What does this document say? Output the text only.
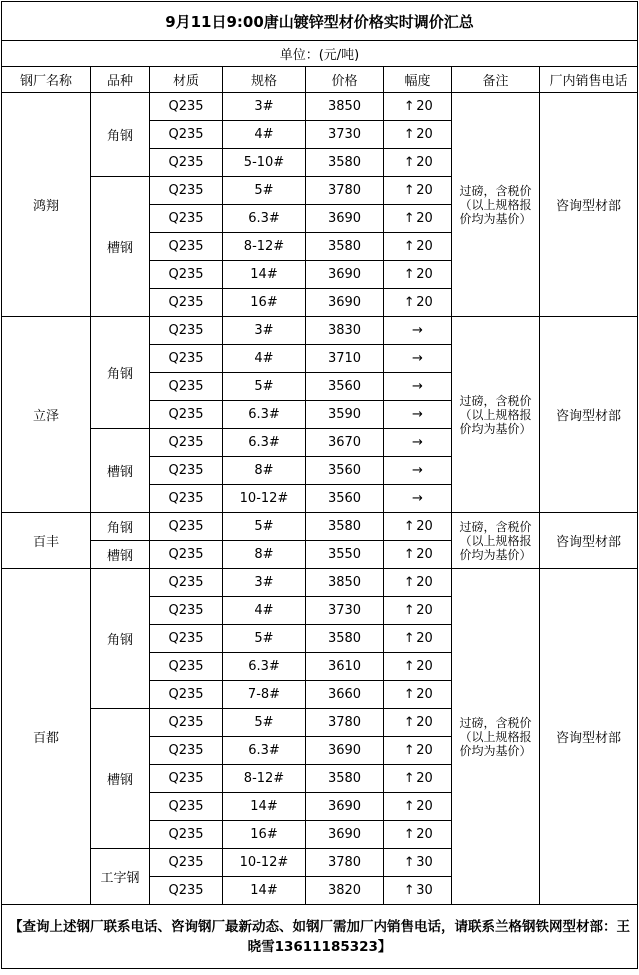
9月11日9:00唐山镀锌型材价格实时调价汇总							
单位：(元/吨)							
钢厂名称	品种	材质	规格	价格	幅度	备注	厂内销售电话
鸿翔	角钢	Q235	3#	3850	↑ 20	过磅，含税价（以上规格报价均为基价）	咨询型材部
		Q235	4#	3730	↑ 20		
		Q235	5-10#	3580	↑ 20		
	槽钢	Q235	5#	3780	↑ 20		
		Q235	6.3#	3690	↑ 20		
		Q235	8-12#	3580	↑ 20		
		Q235	14#	3690	↑ 20		
		Q235	16#	3690	↑ 20		
立泽	角钢	Q235	3#	3830	→	过磅，含税价（以上规格报价均为基价）	咨询型材部
		Q235	4#	3710	→		
		Q235	5#	3560	→		
		Q235	6.3#	3590	→		
	槽钢	Q235	6.3#	3670	→		
		Q235	8#	3560	→		
		Q235	10-12#	3560	→		
百丰	角钢	Q235	5#	3580	↑ 20	过磅，含税价（以上规格报价均为基价）	咨询型材部
	槽钢	Q235	8#	3550	↑ 20		
百都	角钢	Q235	3#	3850	↑ 20	过磅，含税价（以上规格报价均为基价）	咨询型材部
		Q235	4#	3730	↑ 20		
		Q235	5#	3580	↑ 20		
		Q235	6.3#	3610	↑ 20		
		Q235	7-8#	3660	↑ 20		
	槽钢	Q235	5#	3780	↑ 20		
		Q235	6.3#	3690	↑ 20		
		Q235	8-12#	3580	↑ 20		
		Q235	14#	3690	↑ 20		
		Q235	16#	3690	↑ 20		
	工字钢	Q235	10-12#	3780	↑ 30		
		Q235	14#	3820	↑ 30		
【查询上述钢厂联系电话、咨询钢厂最新动态、如钢厂需加厂内销售电话，请联系兰格钢铁网型材部：王晓雪13611185323】							
